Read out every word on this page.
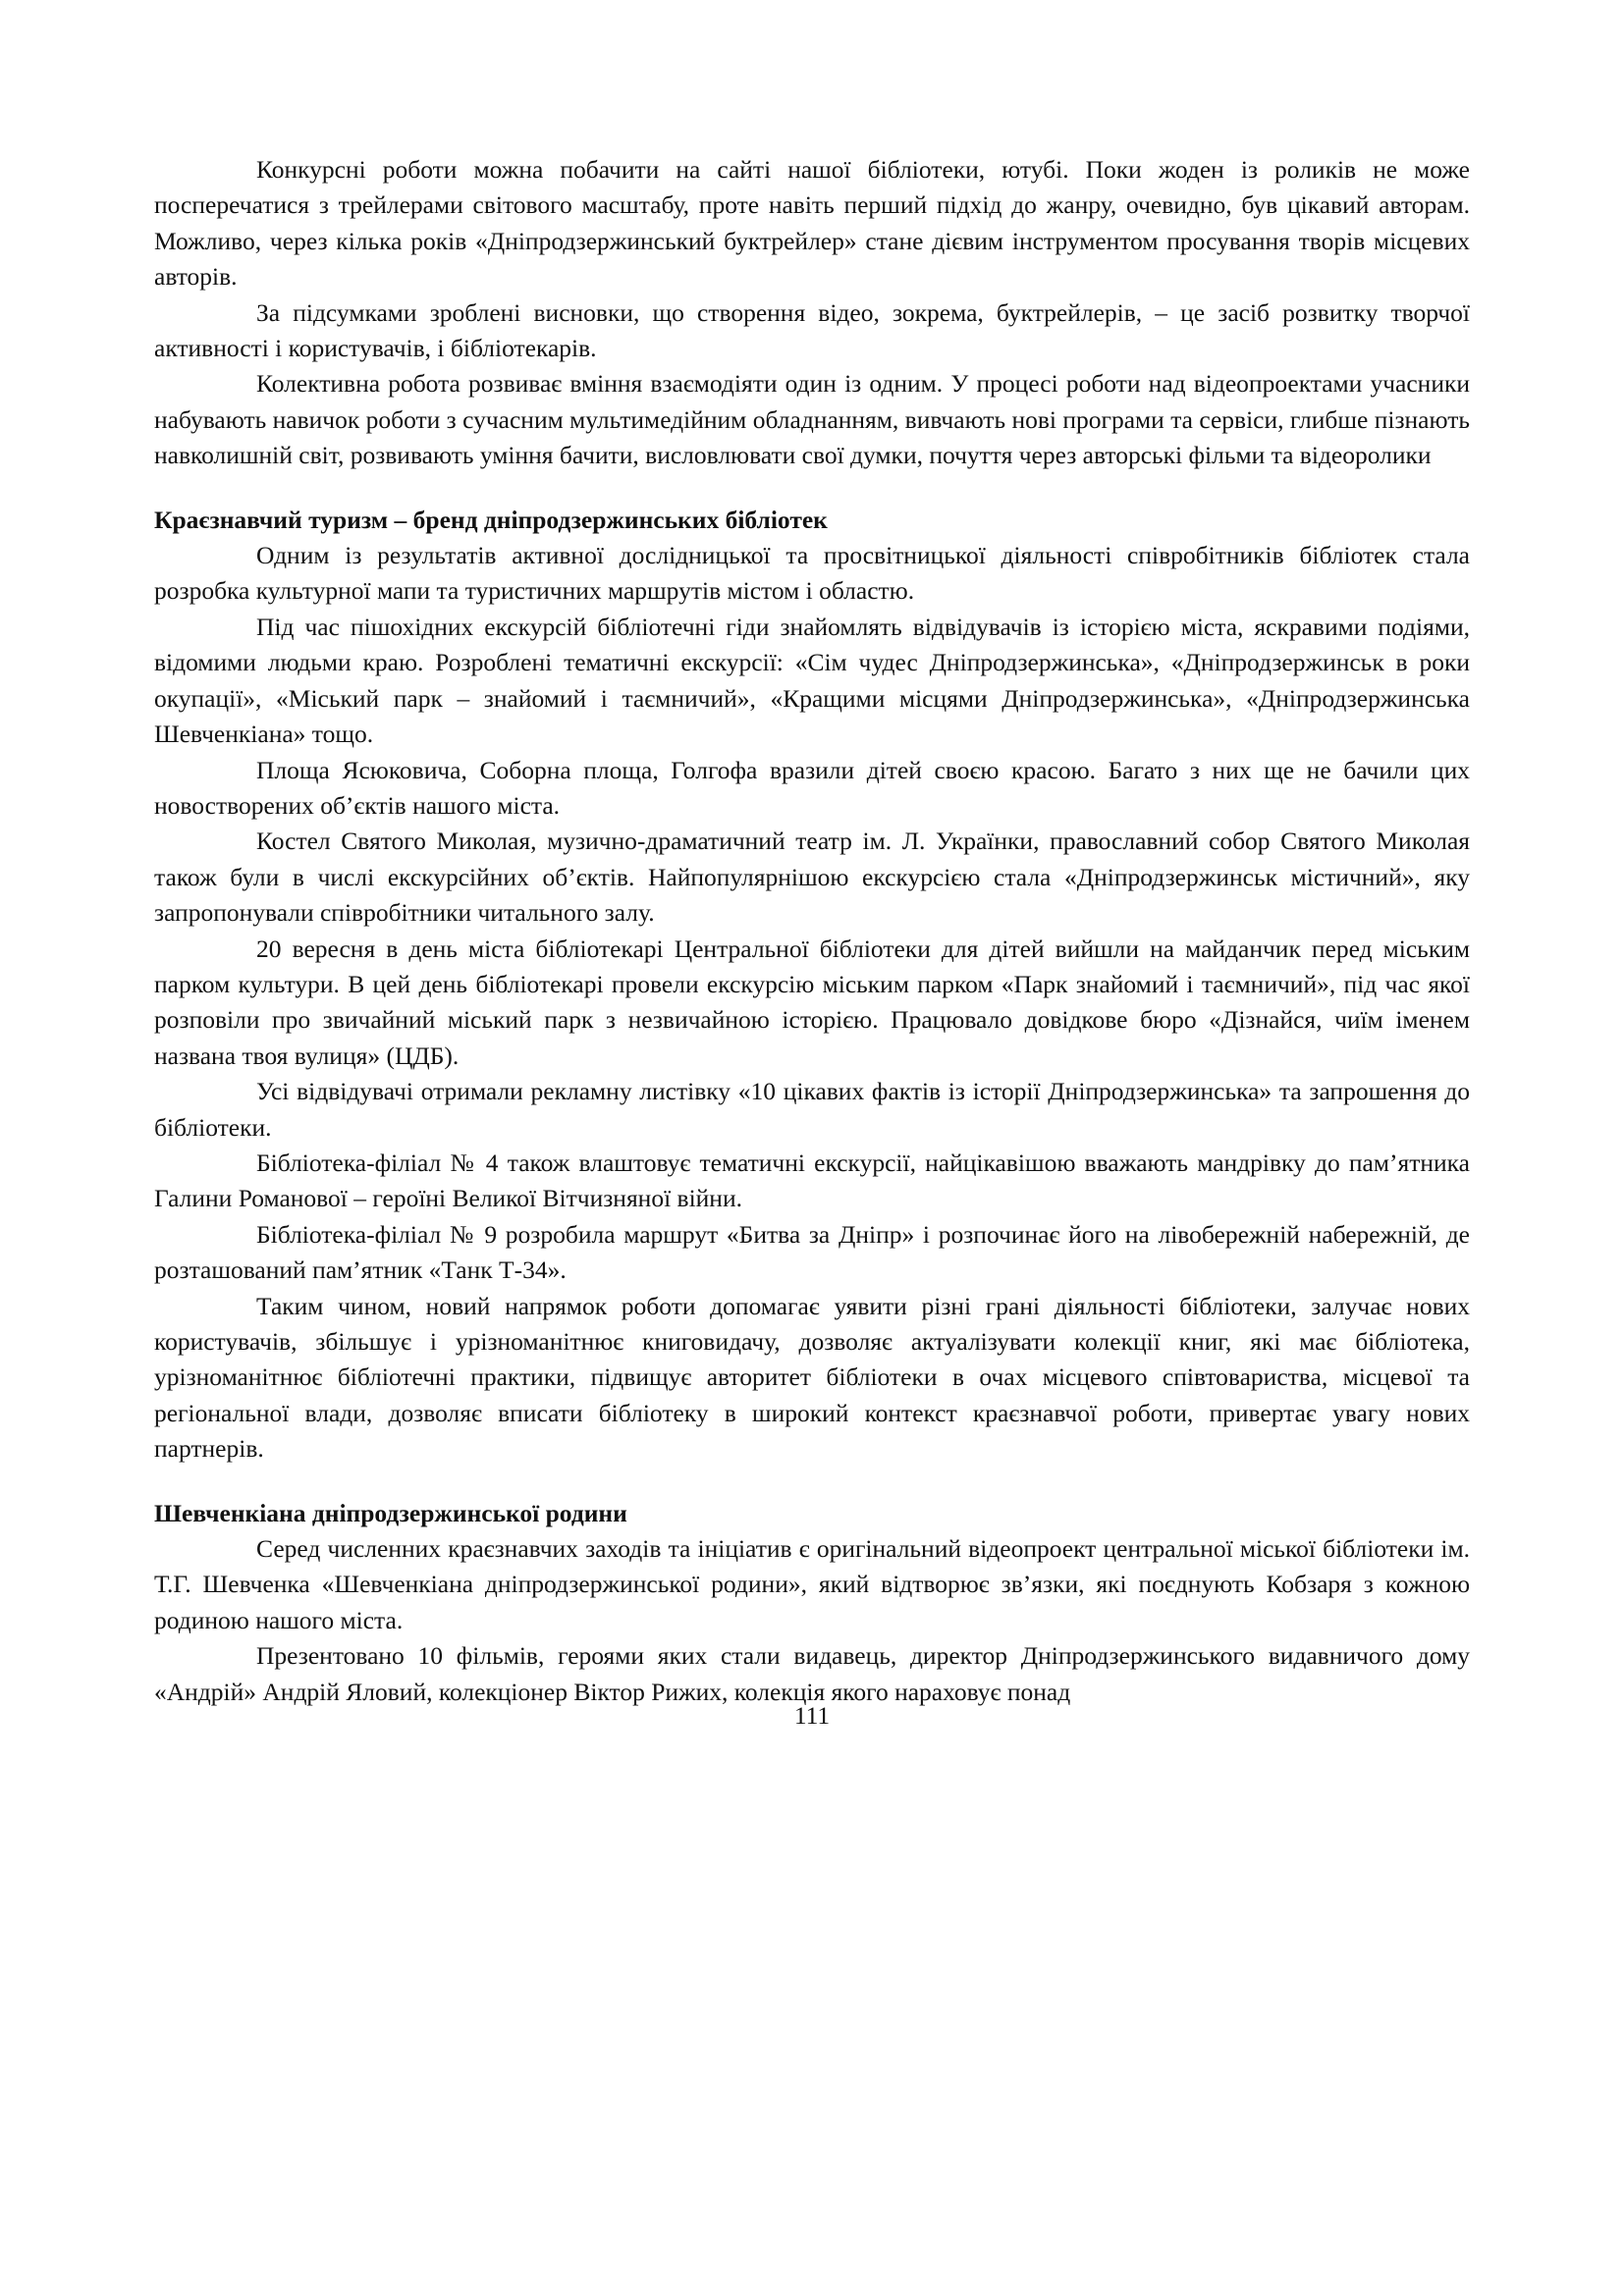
Конкурсні роботи можна побачити на сайті нашої бібліотеки, ютубі. Поки жоден із роликів не може посперечатися з трейлерами світового масштабу, проте навіть перший підхід до жанру, очевидно, був цікавий авторам. Можливо, через кілька років «Дніпродзержинський буктрейлер» стане дієвим інструментом просування творів місцевих авторів.

За підсумками зроблені висновки, що створення відео, зокрема, буктрейлерів, – це засіб розвитку творчої активності і користувачів, і бібліотекарів.

Колективна робота розвиває вміння взаємодіяти один із одним. У процесі роботи над відеопроектами учасники набувають навичок роботи з сучасним мультимедійним обладнанням, вивчають нові програми та сервіси, глибше пізнають навколишній світ, розвивають уміння бачити, висловлювати свої думки, почуття через авторські фільми та відеоролики

Краєзнавчий туризм – бренд дніпродзержинських бібліотек

Одним із результатів активної дослідницької та просвітницької діяльності співробітників бібліотек стала розробка культурної мапи та туристичних маршрутів містом і областю.

Під час пішохідних екскурсій бібліотечні гіди знайомлять відвідувачів із історією міста, яскравими подіями, відомими людьми краю. Розроблені тематичні екскурсії: «Сім чудес Дніпродзержинська», «Дніпродзержинськ в роки окупації», «Міський парк – знайомий і таємничий», «Кращими місцями Дніпродзержинська», «Дніпродзержинська Шевченкіана» тощо.

Площа Ясюковича, Соборна площа, Голгофа вразили дітей своєю красою. Багато з них ще не бачили цих новостворених об’єктів нашого міста.

Костел Святого Миколая, музично-драматичний театр ім. Л. Українки, православний собор Святого Миколая також були в числі екскурсійних об’єктів. Найпопулярнішою екскурсією стала «Дніпродзержинськ містичний», яку запропонували співробітники читального залу.

20 вересня в день міста бібліотекарі Центральної бібліотеки для дітей вийшли на майданчик перед міським парком культури. В цей день бібліотекарі провели екскурсію міським парком «Парк знайомий і таємничий», під час якої розповіли про звичайний міський парк з незвичайною історією. Працювало довідкове бюро «Дізнайся, чиїм іменем названа твоя вулиця» (ЦДБ).

Усі відвідувачі отримали рекламну листівку «10 цікавих фактів із історії Дніпродзержинська» та запрошення до бібліотеки.

Бібліотека-філіал № 4 також влаштовує тематичні екскурсії, найцікавішою вважають мандрівку до пам’ятника Галини Романової – героїні Великої Вітчизняної війни.

Бібліотека-філіал № 9 розробила маршрут «Битва за Дніпр» і розпочинає його на лівобережній набережній, де розташований пам’ятник «Танк Т-34».

Таким чином, новий напрямок роботи допомагає уявити різні грані діяльності бібліотеки, залучає нових користувачів, збільшує і урізноманітнює книговидачу, дозволяє актуалізувати колекції книг, які має бібліотека, урізноманітнює бібліотечні практики, підвищує авторитет бібліотеки в очах місцевого співтовариства, місцевої та регіональної влади, дозволяє вписати бібліотеку в широкий контекст краєзнавчої роботи, привертає увагу нових партнерів.

Шевченкіана дніпродзержинської родини

Серед численних краєзнавчих заходів та ініціатив є оригінальний відеопроект центральної міської бібліотеки ім. Т.Г. Шевченка «Шевченкіана дніпродзержинської родини», який відтворює зв’язки, які поєднують Кобзаря з кожною родиною нашого міста.

Презентовано 10 фільмів, героями яких стали видавець, директор Дніпродзержинського видавничого дому «Андрій» Андрій Яловий, колекціонер Віктор Рижих, колекція якого нараховує понад

111
